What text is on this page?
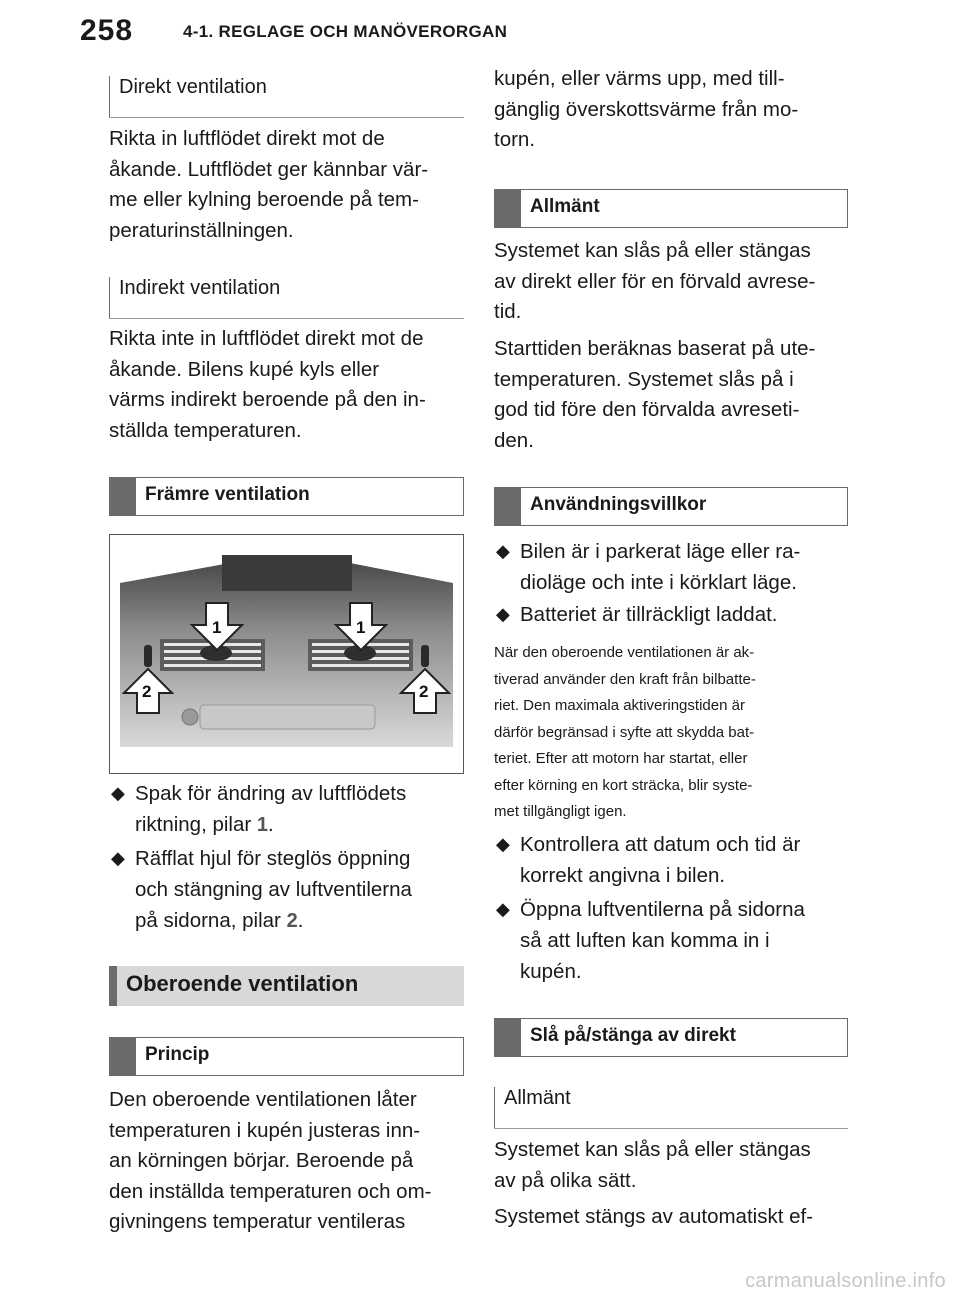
258	4-1. REGLAGE OCH MANÖVERORGAN
Direkt ventilation
Rikta in luftflödet direkt mot de
åkande. Luftflödet ger kännbar vär-
me eller kylning beroende på tem-
peraturinställningen.
Indirekt ventilation
Rikta inte in luftflödet direkt mot de
åkande. Bilens kupé kyls eller
värms indirekt beroende på den in-
ställda temperaturen.
Främre ventilation
1	1
2	2
◆ Spak för ändring av luftflödets
riktning, pilar 1.
◆ Räfflat hjul för steglös öppning
och stängning av luftventilerna
på sidorna, pilar 2.
Oberoende ventilation
Princip
Den oberoende ventilationen låter
temperaturen i kupén justeras inn-
an körningen börjar. Beroende på
den inställda temperaturen och om-
givningens temperatur ventileras
kupén, eller värms upp, med till-
gänglig överskottsvärme från mo-
torn.
Allmänt
Systemet kan slås på eller stängas
av direkt eller för en förvald avrese-
tid.
Starttiden beräknas baserat på ute-
temperaturen. Systemet slås på i
god tid före den förvalda avreseti-
den.
Användningsvillkor
◆ Bilen är i parkerat läge eller ra-
dioläge och inte i körklart läge.
◆ Batteriet är tillräckligt laddat.
När den oberoende ventilationen är ak-
tiverad använder den kraft från bilbatte-
riet. Den maximala aktiveringstiden är
därför begränsad i syfte att skydda bat-
teriet. Efter att motorn har startat, eller
efter körning en kort sträcka, blir syste-
met tillgängligt igen.
◆ Kontrollera att datum och tid är
korrekt angivna i bilen.
◆ Öppna luftventilerna på sidorna
så att luften kan komma in i
kupén.
Slå på/stänga av direkt
Allmänt
Systemet kan slås på eller stängas
av på olika sätt.
Systemet stängs av automatiskt ef-
carmanualsonline.info
